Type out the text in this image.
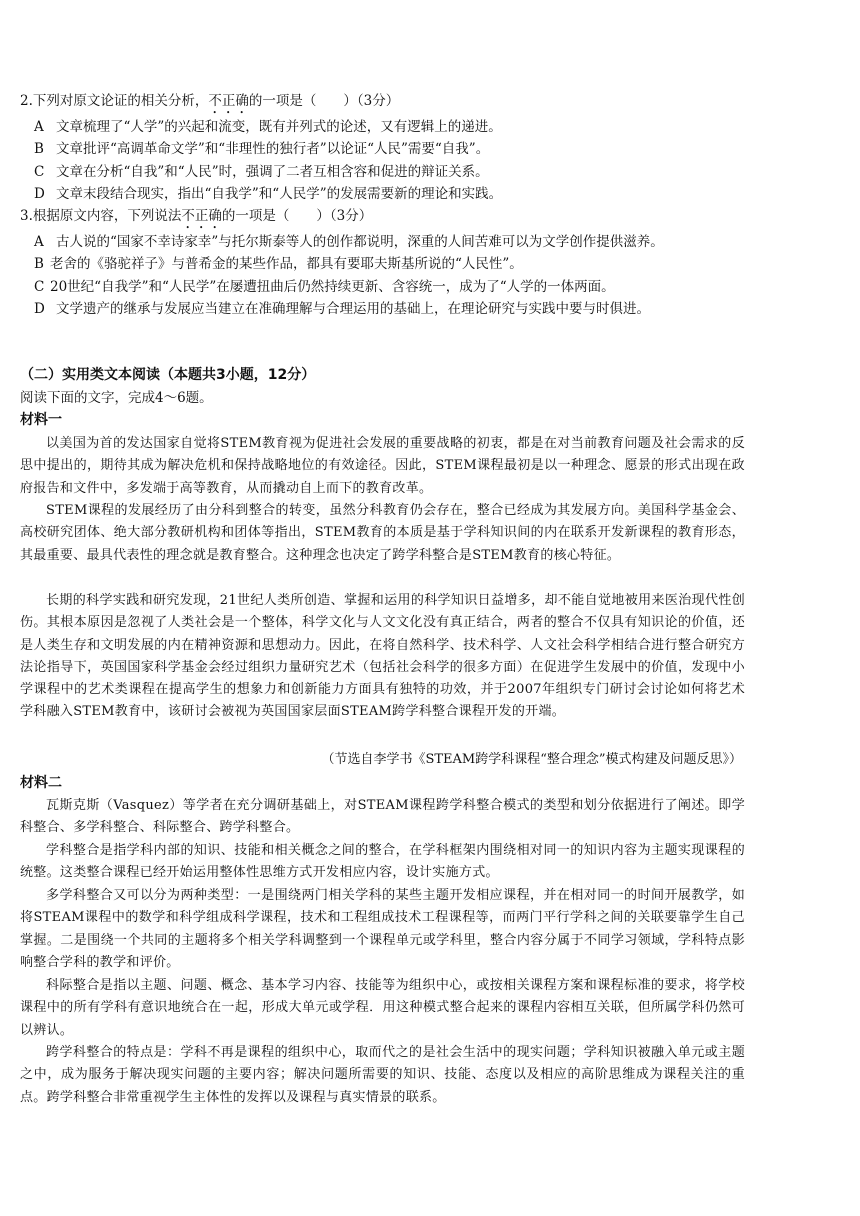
2.下列对原文论证的相关分析，不正确的一项是（　　）（3分）
A 文章梳理了“人学”的兴起和流变，既有并列式的论述，又有逻辑上的递进。
B 文章批评“高调革命文学”和“非理性的独行者”以论证“人民”需要“自我”。
C 文章在分析“自我”和“人民”时，强调了二者互相含容和促进的辩证关系。
D 文章末段结合现实，指出“自我学”和“人民学”的发展需要新的理论和实践。
3.根据原文内容，下列说法不正确的一项是（　　）（3分）
A 古人说的“国家不幸诗家幸”与托尔斯泰等人的创作都说明，深重的人间苦难可以为文学创作提供滋养。
B 老舍的《骆驼祥子》与普希金的某些作品，都具有要耶夫斯基所说的“人民性”。
C 20世纪“自我学”和“人民学”在屡遭扭曲后仍然持续更新、含容统一，成为了“人学的一体两面。
D 文学遗产的继承与发展应当建立在准确理解与合理运用的基础上，在理论研究与实践中要与时俱进。
（二）实用类文本阅读（本题共3小题，12分）
阅读下面的文字，完成4～6题。
材料一
以美国为首的发达国家自觉将STEM教育视为促进社会发展的重要战略的初衷，都是在对当前教育问题及社会需求的反思中提出的，期待其成为解决危机和保持战略地位的有效途径。因此，STEM课程最初是以一种理念、愿景的形式出现在政府报告和文件中，多发端于高等教育，从而撬动自上而下的教育改革。
STEM课程的发展经历了由分科到整合的转变，虽然分科教育仍会存在，整合已经成为其发展方向。美国科学基金会、高校研究团体、绝大部分教研机构和团体等指出，STEM教育的本质是基于学科知识间的内在联系开发新课程的教育形态，其最重要、最具代表性的理念就是教育整合。这种理念也决定了跨学科整合是STEM教育的核心特征。
长期的科学实践和研究发现，21世纪人类所创造、掌握和运用的科学知识日益增多，却不能自觉地被用来医治现代性创伤。其根本原因是忽视了人类社会是一个整体，科学文化与人文文化没有真正结合，两者的整合不仅具有知识论的价值，还是人类生存和文明发展的内在精神资源和思想动力。因此，在将自然科学、技术科学、人文社会科学相结合进行整合研究方法论指导下，英国国家科学基金会经过组织力量研究艺术（包括社会科学的很多方面）在促进学生发展中的价值，发现中小学课程中的艺术类课程在提高学生的想象力和创新能力方面具有独特的功效，并于2007年组织专门研讨会讨论如何将艺术学科融入STEM教育中，该研讨会被视为英国国家层面STEAM跨学科整合课程开发的开端。
（节选自李学书《STEAM跨学科课程“整合理念”模式构建及问题反思》）
材料二
瓦斯克斯（Vasquez）等学者在充分调研基础上，对STEAM课程跨学科整合模式的类型和划分依据进行了阐述。即学科整合、多学科整合、科际整合、跨学科整合。
学科整合是指学科内部的知识、技能和相关概念之间的整合，在学科框架内围绕相对同一的知识内容为主题实现课程的统整。这类整合课程已经开始运用整体性思维方式开发相应内容，设计实施方式。
多学科整合又可以分为两种类型：一是围绕两门相关学科的某些主题开发相应课程，并在相对同一的时间开展教学，如将STEAM课程中的数学和科学组成科学课程，技术和工程组成技术工程课程等，而两门平行学科之间的关联要靠学生自己掌握。二是围绕一个共同的主题将多个相关学科调整到一个课程单元或学科里，整合内容分属于不同学习领域，学科特点影响整合学科的教学和评价。
科际整合是指以主题、问题、概念、基本学习内容、技能等为组织中心，或按相关课程方案和课程标准的要求，将学校课程中的所有学科有意识地统合在一起，形成大单元或学程．用这种模式整合起来的课程内容相互关联，但所属学科仍然可以辨认。
跨学科整合的特点是：学科不再是课程的组织中心，取而代之的是社会生活中的现实问题；学科知识被融入单元或主题之中，成为服务于解决现实问题的主要内容；解决问题所需要的知识、技能、态度以及相应的高阶思维成为课程关注的重点。跨学科整合非常重视学生主体性的发挥以及课程与真实情景的联系。
